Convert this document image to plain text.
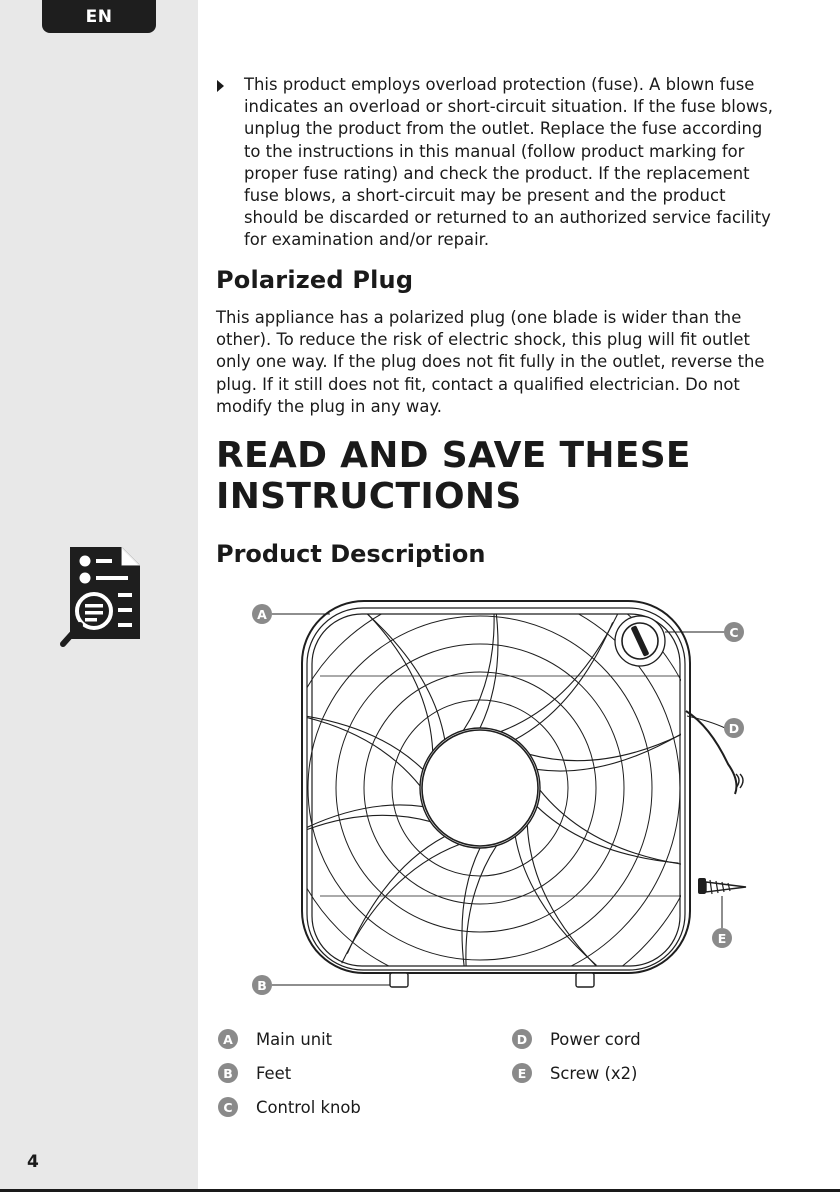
EN
4
This product employs overload protection (fuse). A blown fuse indicates an overload or short-circuit situation. If the fuse blows, unplug the product from the outlet. Replace the fuse according to the instructions in this manual (follow product marking for proper fuse rating) and check the product. If the replacement fuse blows, a short-circuit may be present and the product should be discarded or returned to an authorized service facility for examination and/or repair.
Polarized Plug
This appliance has a polarized plug (one blade is wider than the other). To reduce the risk of electric shock, this plug will fit outlet only one way. If the plug does not fit fully in the outlet, reverse the plug. If it still does not fit, contact a qualified electrician. Do not modify the plug in any way.
READ AND SAVE THESE INSTRUCTIONS
Product Description
A
B
C
D
E
A	Main unit
B	Feet
C	Control knob
D Power cord
E	Screw (x2)
